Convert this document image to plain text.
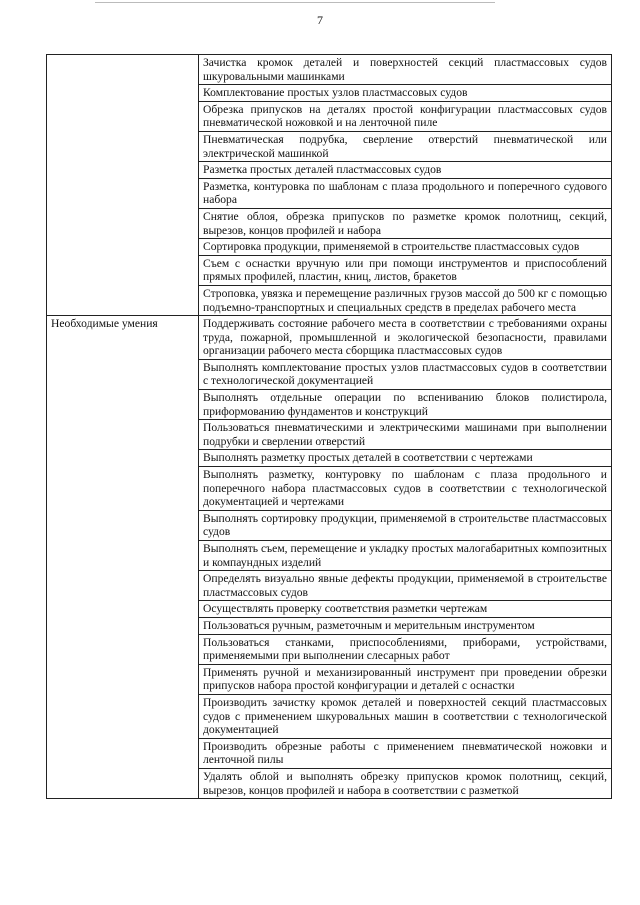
7
	Зачистка кромок деталей и поверхностей секций пластмассовых судов шкуровальными машинками
	Комплектование простых узлов пластмассовых судов
	Обрезка припусков на деталях простой конфигурации пластмассовых судов пневматической ножовкой и на ленточной пиле
	Пневматическая подрубка, сверление отверстий пневматической или электрической машинкой
	Разметка простых деталей пластмассовых судов
	Разметка, контуровка по шаблонам с плаза продольного и поперечного судового набора
	Снятие облоя, обрезка припусков по разметке кромок полотнищ, секций, вырезов, концов профилей и набора
	Сортировка продукции, применяемой в строительстве пластмассовых судов
	Съем с оснастки вручную или при помощи инструментов и приспособлений прямых профилей, пластин, книц, листов, бракетов
	Строповка, увязка и перемещение различных грузов массой до 500 кг с помощью подъемно-транспортных и специальных средств в пределах рабочего места
Необходимые умения	Поддерживать состояние рабочего места в соответствии с требованиями охраны труда, пожарной, промышленной и экологической безопасности, правилами организации рабочего места сборщика пластмассовых судов
	Выполнять комплектование простых узлов пластмассовых судов в соответствии с технологической документацией
	Выполнять отдельные операции по вспениванию блоков полистирола, приформованию фундаментов и конструкций
	Пользоваться пневматическими и электрическими машинами при выполнении подрубки и сверлении отверстий
	Выполнять разметку простых деталей в соответствии с чертежами
	Выполнять разметку, контуровку по шаблонам с плаза продольного и поперечного набора пластмассовых судов в соответствии с технологической документацией и чертежами
	Выполнять сортировку продукции, применяемой в строительстве пластмассовых судов
	Выполнять съем, перемещение и укладку простых малогабаритных композитных и компаундных изделий
	Определять визуально явные дефекты продукции, применяемой в строительстве пластмассовых судов
	Осуществлять проверку соответствия разметки чертежам
	Пользоваться ручным, разметочным и мерительным инструментом
	Пользоваться станками, приспособлениями, приборами, устройствами, применяемыми при выполнении слесарных работ
	Применять ручной и механизированный инструмент при проведении обрезки припусков набора простой конфигурации и деталей с оснастки
	Производить зачистку кромок деталей и поверхностей секций пластмассовых судов с применением шкуровальных машин в соответствии с технологической документацией
	Производить обрезные работы с применением пневматической ножовки и ленточной пилы
	Удалять облой и выполнять обрезку припусков кромок полотнищ, секций, вырезов, концов профилей и набора в соответствии с разметкой
